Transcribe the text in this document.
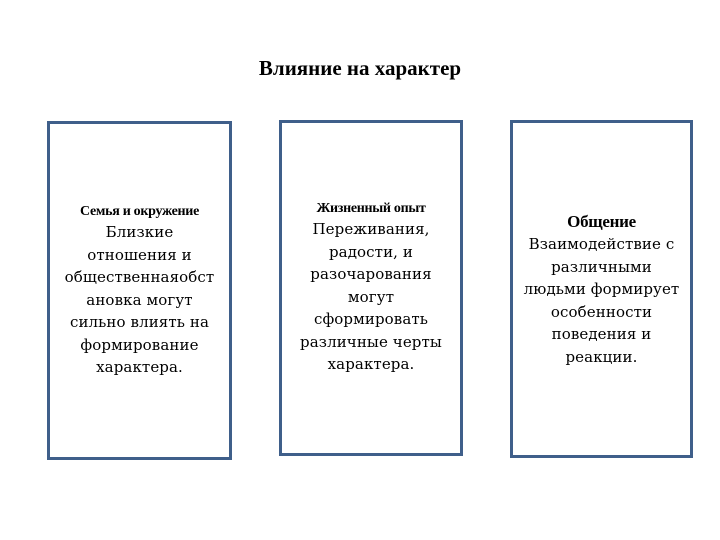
Влияние на характер
Семья и окружение
Близкие
отношения и
общественнаяобст
ановка могут
сильно влиять на
формирование
характера.
Жизненный опыт
Переживания,
радости, и
разочарования
могут
сформировать
различные черты
характера.
Общение
Взаимодействие с
различными
людьми формирует
особенности
поведения и
реакции.
